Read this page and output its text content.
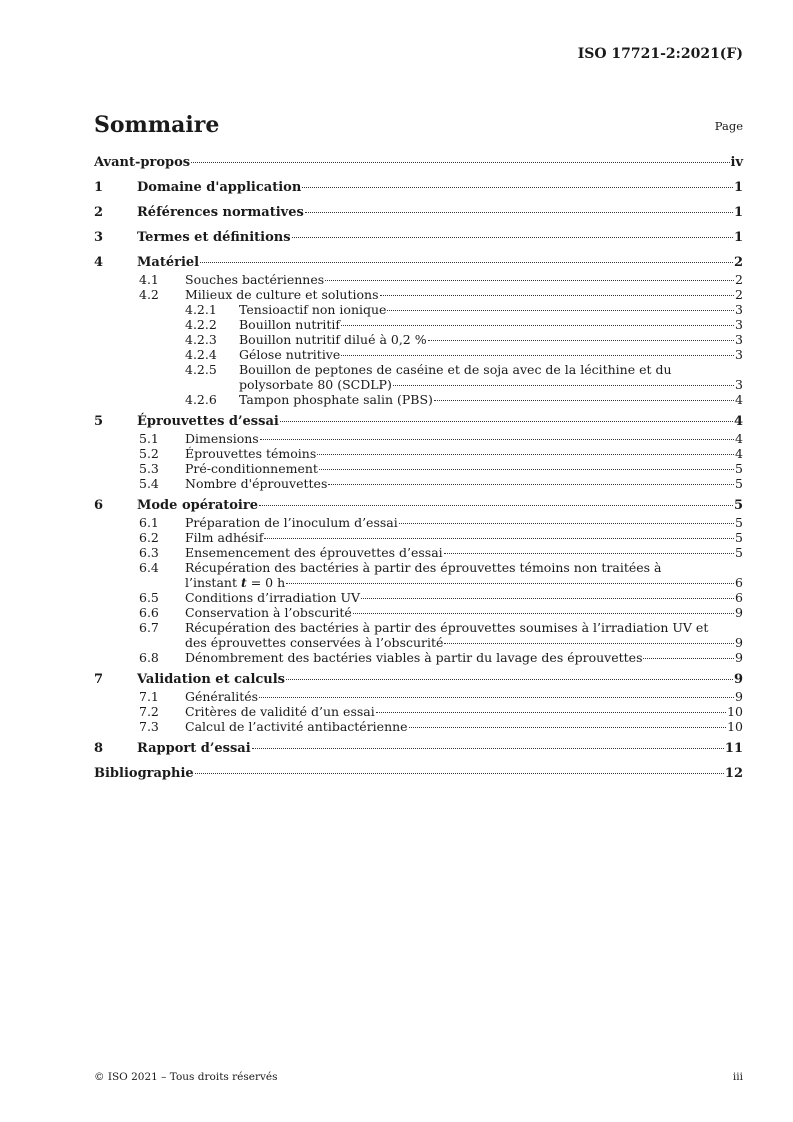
ISO 17721-2:2021(F)
Sommaire	Page
Avant-propos	iv
1	Domaine d'application	1
2	Références normatives	1
3	Termes et définitions	1
4	Matériel	2
4.1	Souches bactériennes	2
4.2	Milieux de culture et solutions	2
4.2.1	Tensioactif non ionique	3
4.2.2	Bouillon nutritif	3
4.2.3	Bouillon nutritif dilué à 0,2 %	3
4.2.4	Gélose nutritive	3
4.2.5	Bouillon de peptones de caséine et de soja avec de la lécithine et du
polysorbate 80 (SCDLP)	3
4.2.6	Tampon phosphate salin (PBS)	4
5	Éprouvettes d’essai	4
5.1	Dimensions	4
5.2	Éprouvettes témoins	4
5.3	Pré-conditionnement	5
5.4	Nombre d'éprouvettes	5
6	Mode opératoire	5
6.1	Préparation de l’inoculum d’essai	5
6.2	Film adhésif	5
6.3	Ensemencement des éprouvettes d’essai	5
6.4	Récupération des bactéries à partir des éprouvettes témoins non traitées à
l’instant t = 0 h	6
6.5	Conditions d’irradiation UV	6
6.6	Conservation à l’obscurité	9
6.7	Récupération des bactéries à partir des éprouvettes soumises à l’irradiation UV et
des éprouvettes conservées à l’obscurité	9
6.8	Dénombrement des bactéries viables à partir du lavage des éprouvettes	9
7	Validation et calculs	9
7.1	Généralités	9
7.2	Critères de validité d’un essai	10
7.3	Calcul de l’activité antibactérienne	10
8	Rapport d’essai	11
Bibliographie	12
© ISO 2021 – Tous droits réservés	iii
